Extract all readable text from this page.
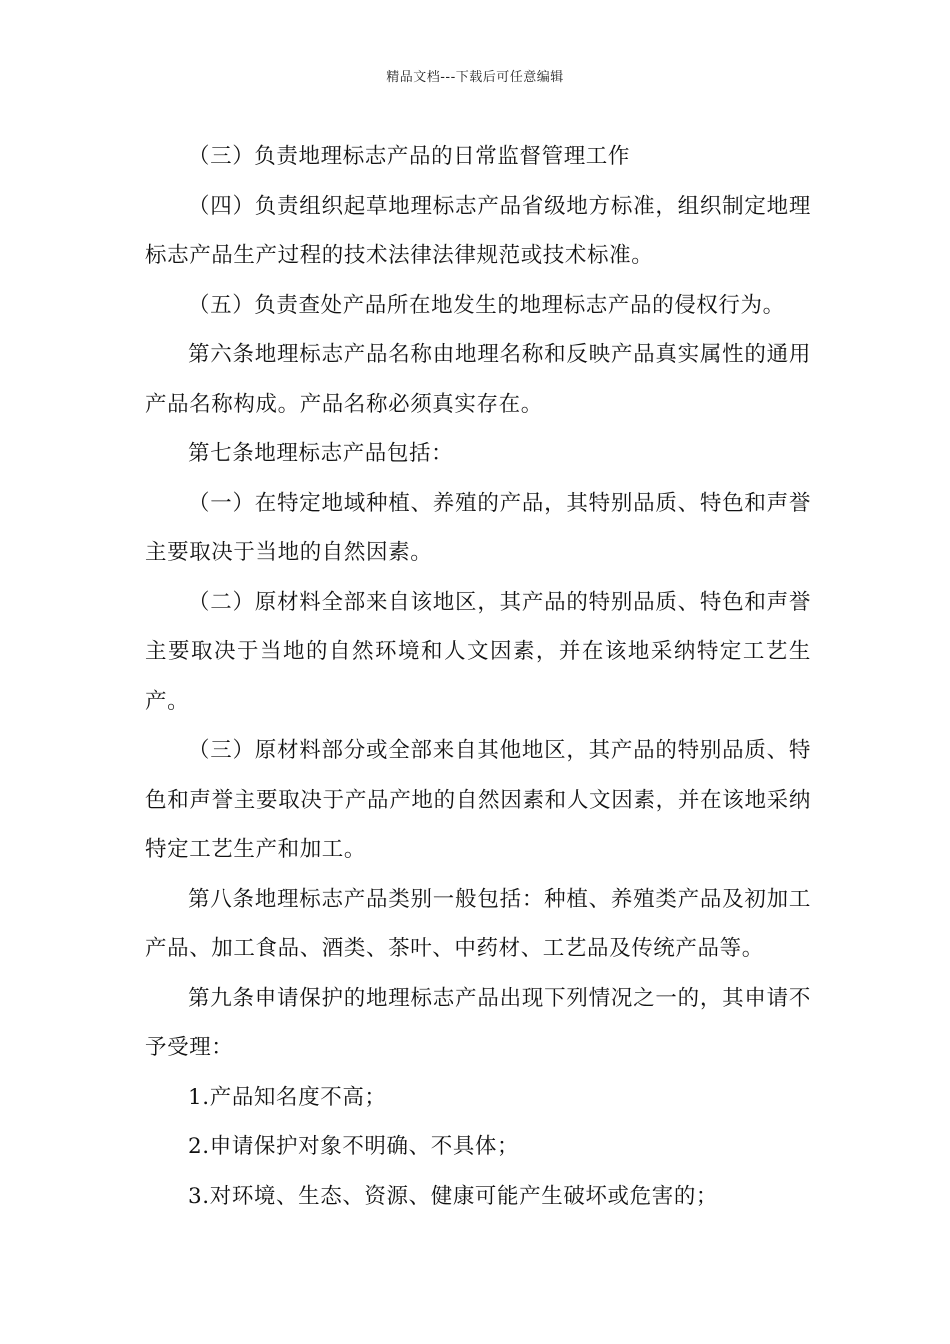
精品文档---下载后可任意编辑

（三）负责地理标志产品的日常监督管理工作

（四）负责组织起草地理标志产品省级地方标准，组织制定地理标志产品生产过程的技术法律法律规范或技术标准。

（五）负责查处产品所在地发生的地理标志产品的侵权行为。

第六条地理标志产品名称由地理名称和反映产品真实属性的通用产品名称构成。产品名称必须真实存在。

第七条地理标志产品包括：

（一）在特定地域种植、养殖的产品，其特别品质、特色和声誉主要取决于当地的自然因素。

（二）原材料全部来自该地区，其产品的特别品质、特色和声誉主要取决于当地的自然环境和人文因素，并在该地采纳特定工艺生产。

（三）原材料部分或全部来自其他地区，其产品的特别品质、特色和声誉主要取决于产品产地的自然因素和人文因素，并在该地采纳特定工艺生产和加工。

第八条地理标志产品类别一般包括：种植、养殖类产品及初加工产品、加工食品、酒类、茶叶、中药材、工艺品及传统产品等。

第九条申请保护的地理标志产品出现下列情况之一的，其申请不予受理：

1.产品知名度不高；

2.申请保护对象不明确、不具体；

3.对环境、生态、资源、健康可能产生破坏或危害的；
